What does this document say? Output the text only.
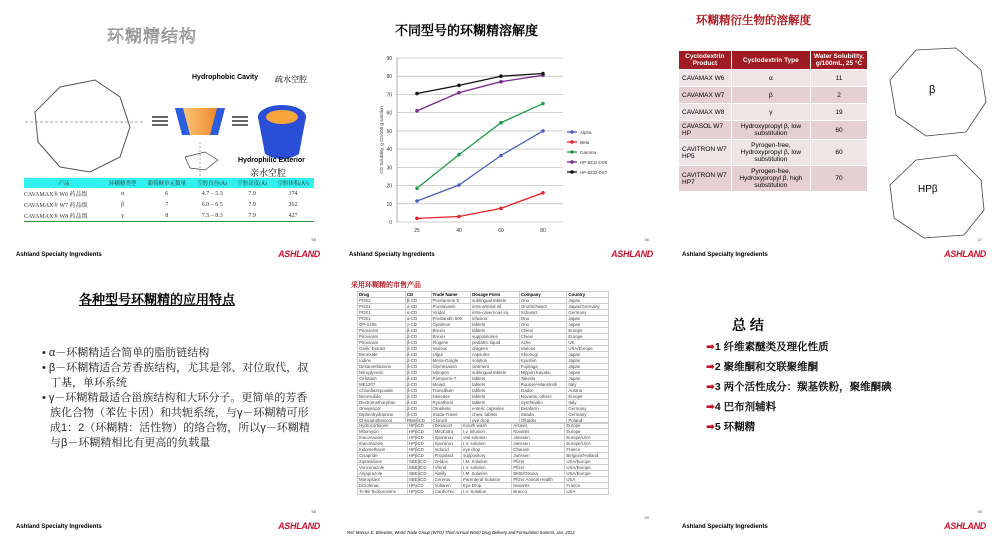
环糊精结构
Hydrophobic Cavity 疏水空腔
Hydrophilic Exterior
亲水空腔
产品	环糊精类型	葡萄糖单元数量	空腔直径(Å)	空腔高度(Å)	空腔体积(Å³)
CAVAMAX® W6 药品级	α	6	4.7 – 5.3	7.9	174
CAVAMAX® W7 药品级	β	7	6.0 – 6.5	7.9	262
CAVAMAX® W8 药品级	γ	8	7.5 – 8.3	7.9	427
55
Ashland Specialty Ingredients	ASHLAND
不同型号的环糊精溶解度
0
10
20
30
40
50
60
70
80
90
25	40	60	80
CD Solubility, g CD/100 g solution	Alpha
Beta
Gamma
HP-BCD DS5
HP-BCD DS7
56
Ashland Specialty Ingredients	ASHLAND
环糊精衍生物的溶解度
Cyclodextrin Product	Cyclodextrin Type	Water Solubility, g/100mL, 25 °C
CAVAMAX W6	α	11
CAVAMAX W7	β	2
CAVAMAX W8	γ	19
CAVASOL W7 HP	Hydroxypropyl β, low substitution	60
CAVITRON W7 HP5	Pyrogen-free, Hydroxypropyl β, low substitution	60
CAVITRON W7 HP7	Pyrogen-free, Hydroxypropyl β, high substitution	70
β
HPβ
57
Ashland Specialty Ingredients	ASHLAND
各种型号环糊精的应用特点
• α－环糊精适合简单的脂肪链结构
• β－环糊精适合芳香族结构，尤其是邻、对位取代，叔丁基，单环系统
• γ－环糊精最适合甾族结构和大环分子。更简单的芳香族化合物（苯佐卡因）和共轭系统，与γ－环糊精可形成1：2（环糊精：活性物）的络合物，所以γ－环糊精与β－环糊精相比有更高的负载量
58
Ashland Specialty Ingredients	ASHLAND
采用环糊精的市售产品
Drug	CD	Trade Name	Dosage Form	Company	Country
PGE2	β-CD	Prostarmon E	sublingual tablets	Ono	Japan
PGE1	α-CD	Prostavasin	intra-arterial inf.	Ono/Schwarz	Japan/Germany
PGE1	α-CD	Viridal	intra-cavernous inj.	Schwarz	Germany
PGE1	α-CD	Prostandin 500	infusion	Ono	Japan
OP-1206	γ-CD	Opalmon	tablets	Ono	Japan
Piroxicam	β-CD	Brexin	tablets	Chiesi	Europe
Piroxicam	β-CD	Brexin	suppositories	Chiesi	Europe
Piroxicam	β-CD	Flogene	pediatric liquid	Ache	UK
Garlic Extract	β-CD	Various	dragees	Various	USA/Europe
Benexate	β-CD	Ulgut	capsules	Shionogi	Japan
Iodine	β-CD	Mena-Gargle	solution	Kyushin	Japan
Dexamethasone	β-CD	Glymesason	ointment	Fujinaga	Japan
Nitroglycerin	β-CD	Nitropen	sublingual tablets	Nippon Kayaku	Japan
Cefotiam	β-CD	Pansporin-T	tablets	Takeda	Japan
ME1207	β-CD	Meiact	tablets	Roussel-Maestrelli	Italy
Chlordiazepoxide	β-CD	Transillium	tablets	Gador	Austria
Nimesulide	β-CD	Nimedex	tablets	Novartis, others	Europe
Dextromethorphan	β-CD	Rynathisol	tablets	Synthelabo	Italy
Omeprazol	β-CD	Omebeta	enteric capsules	Betafarm	Germany
Diphenhydramine	β-CD	Stada-Travel	chew. tablets	Strada	Germany
Chloramphenicol	RMeβCD	Clorocil	eye drop	Oftalder	Poland
Hydrocortisone	HPβCD	Dexacort	mouth-wash	Actavis	Europe
Mitomycin	HPβCD	MitoExtra	I.v. infusion	Novartis	Europe
Itraconazole	HPβCD	Sporanox	oral solution	Janssen	Europe/USA
Itraconazole	HPβCD	Sporanox	I.V. solution	Janssen	Europe/USA
Indomethacin	HPβCD	Indocid	eye drop	Chauvin	France
Cisapride	HPβCD	Propulsid	suppository	Janssen	Belgium/Holland
Ziprasidone	SBEβCD	Zeldox	I.M. Solution	Pfizer	USA/Europe
Voriconazole	SBEβCD	Vfend	I.V. solution	Pfizer	USA/Europe
Aripiprazole	SBEβCD	Abilify	I.M. Solution	BMS/Otsuka	USA/Europe
Maropitant	SBEβCD	Cerenia	Parenteral Solution	Pfizer Animal Health	USA
Diclofenac	HPγCD	Voltaren	Eye Drop	Novartis	France
Tc-99 Teoboroxime	HPγCD	CardioTec	I.V. Solution	Bracco	USA
Ref: Marcus E. Brewster, World Trade Group (WTG) Third Annual World Drug Delivery and Formulation Summit, Jan. 2012
59
总 结
➡1 纤维素醚类及理化性质
➡2 聚维酮和交联聚维酮
➡3 两个活性成分：羰基铁粉，聚维酮碘
➡4 巴布剂辅料
➡5 环糊精
60
Ashland Specialty Ingredients	ASHLAND
